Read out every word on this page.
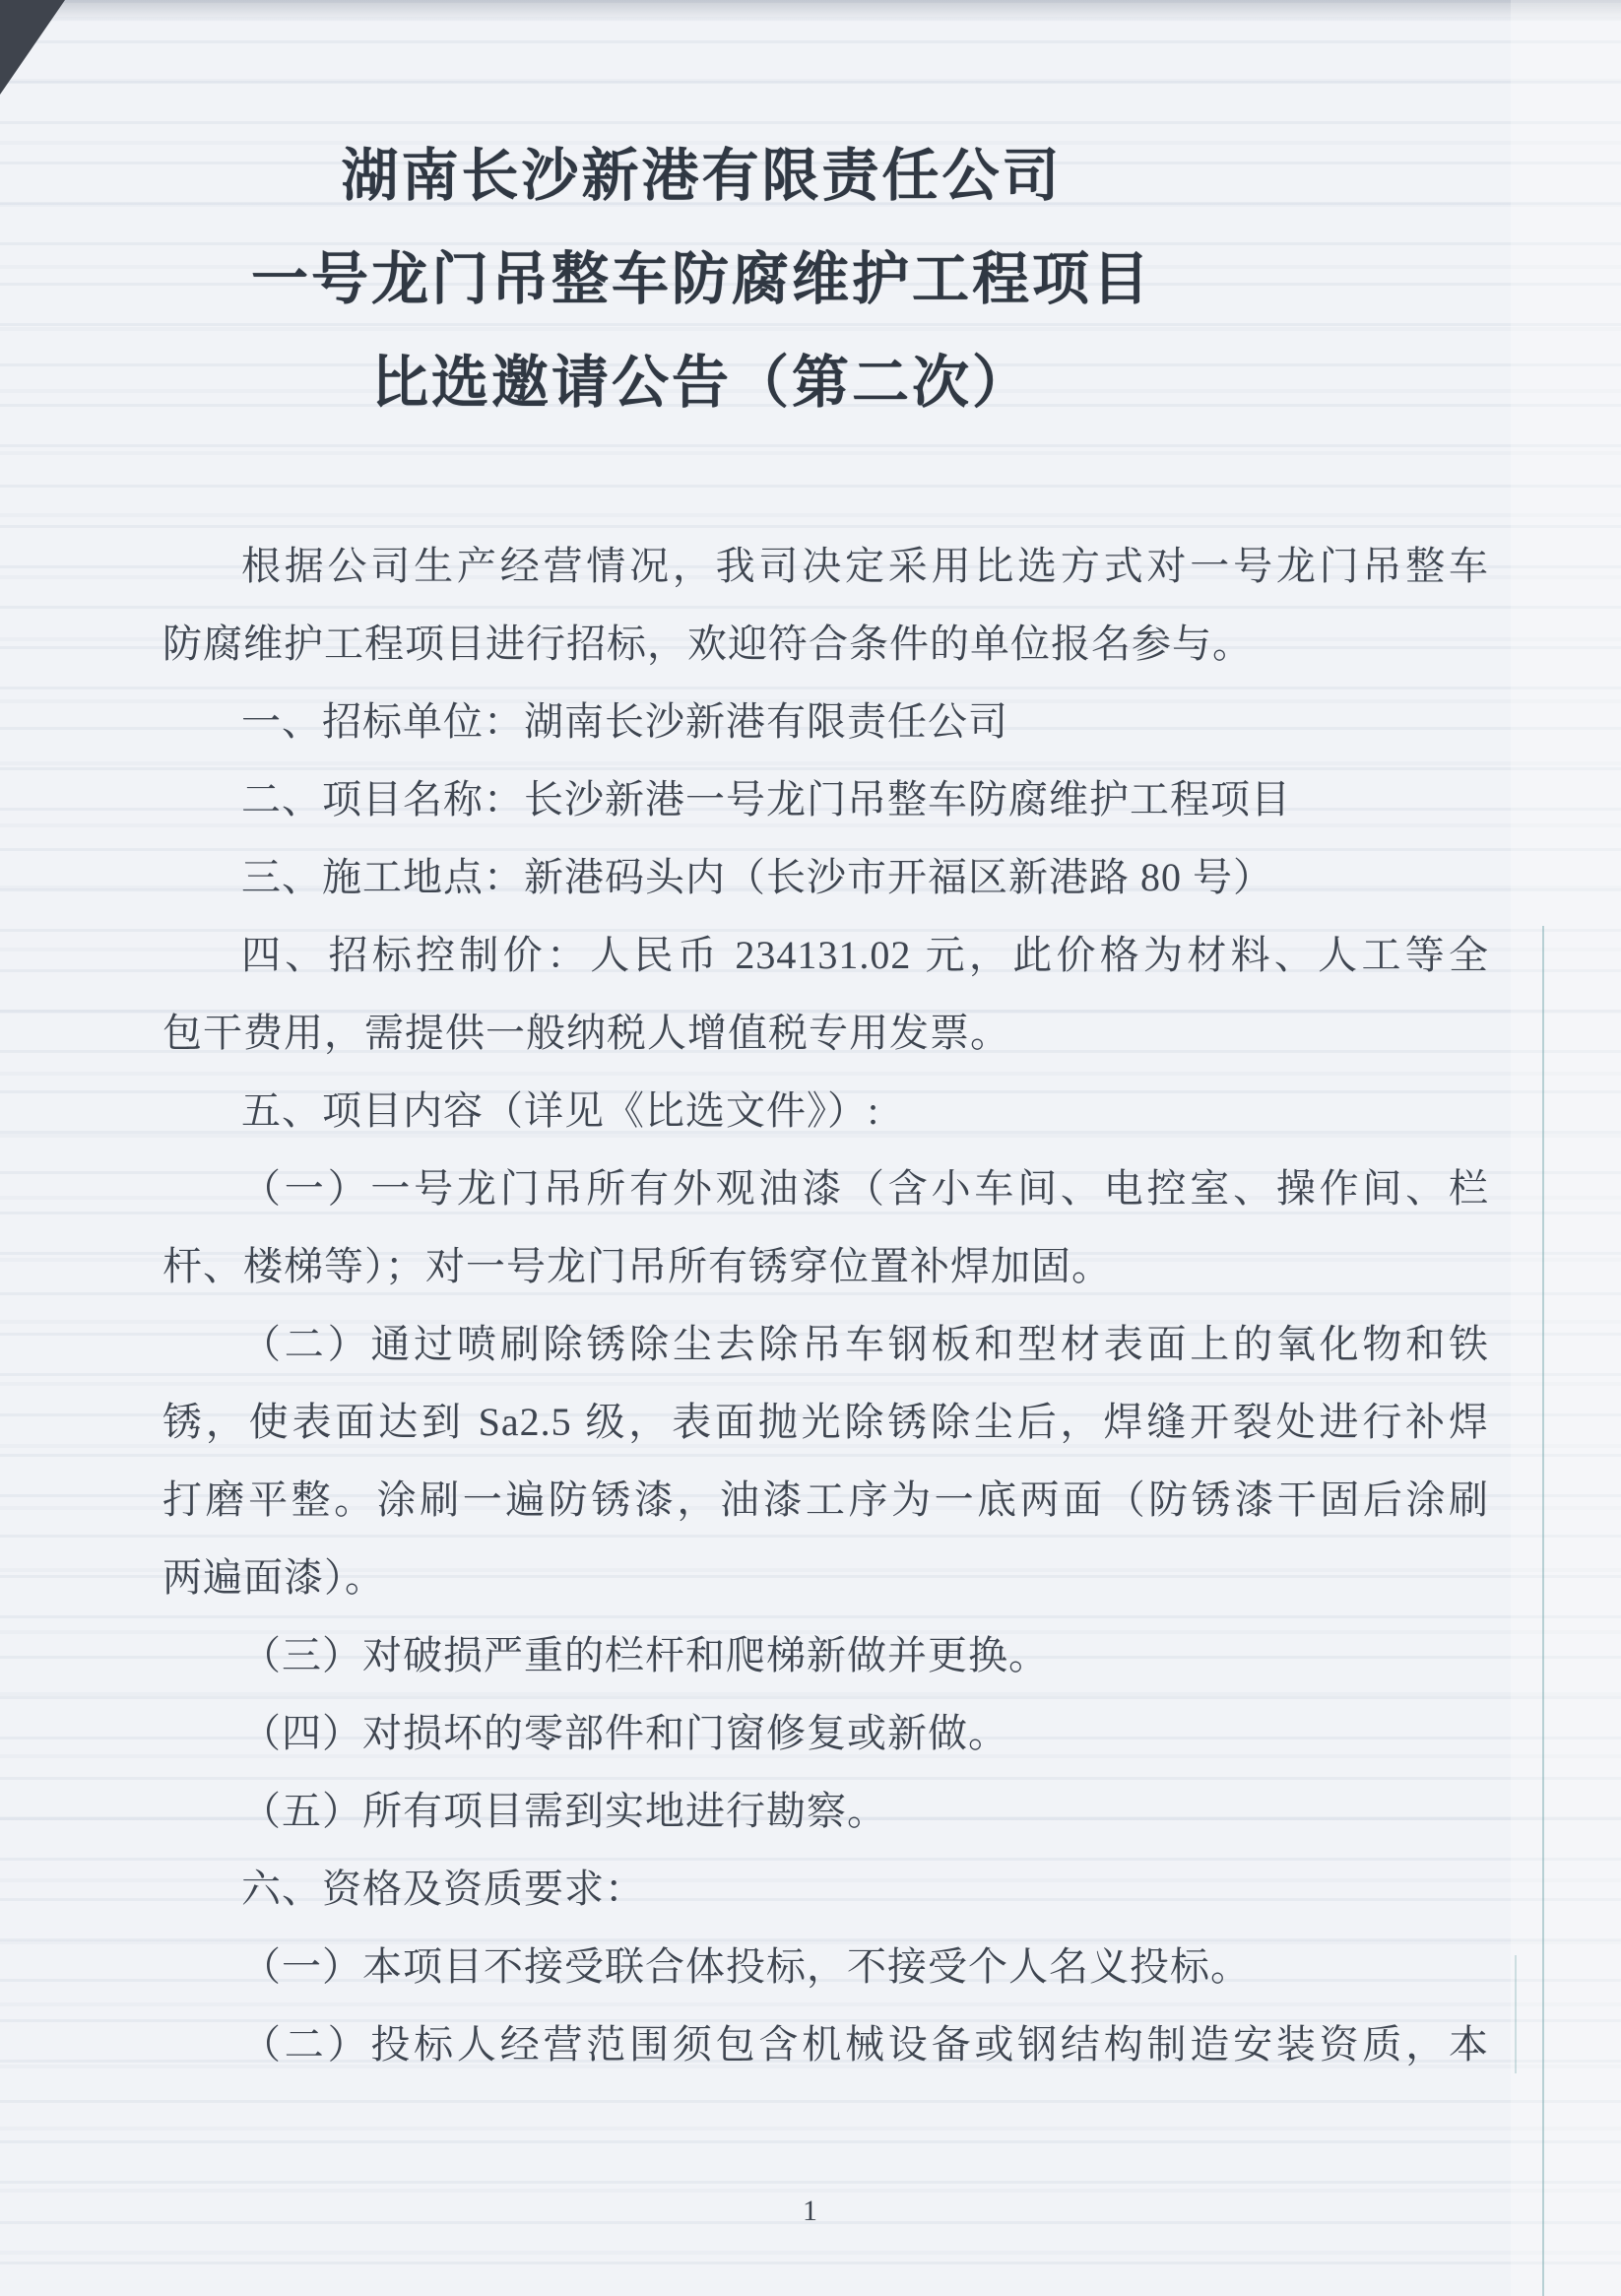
湖南长沙新港有限责任公司
一号龙门吊整车防腐维护工程项目
比选邀请公告（第二次）
根据公司生产经营情况，我司决定采用比选方式对一号龙门吊整车
防腐维护工程项目进行招标，欢迎符合条件的单位报名参与。
一、招标单位：湖南长沙新港有限责任公司
二、项目名称：长沙新港一号龙门吊整车防腐维护工程项目
三、施工地点：新港码头内（长沙市开福区新港路 80 号）
四、招标控制价：人民币 234131.02 元，此价格为材料、人工等全
包干费用，需提供一般纳税人增值税专用发票。
五、项目内容（详见《比选文件》）:
（一）一号龙门吊所有外观油漆（含小车间、电控室、操作间、栏
杆、楼梯等）；对一号龙门吊所有锈穿位置补焊加固。
（二）通过喷刷除锈除尘去除吊车钢板和型材表面上的氧化物和铁
锈，使表面达到 Sa2.5 级，表面抛光除锈除尘后，焊缝开裂处进行补焊
打磨平整。涂刷一遍防锈漆，油漆工序为一底两面（防锈漆干固后涂刷
两遍面漆）。
（三）对破损严重的栏杆和爬梯新做并更换。
（四）对损坏的零部件和门窗修复或新做。
（五）所有项目需到实地进行勘察。
六、资格及资质要求：
（一）本项目不接受联合体投标，不接受个人名义投标。
（二）投标人经营范围须包含机械设备或钢结构制造安装资质，本
1
